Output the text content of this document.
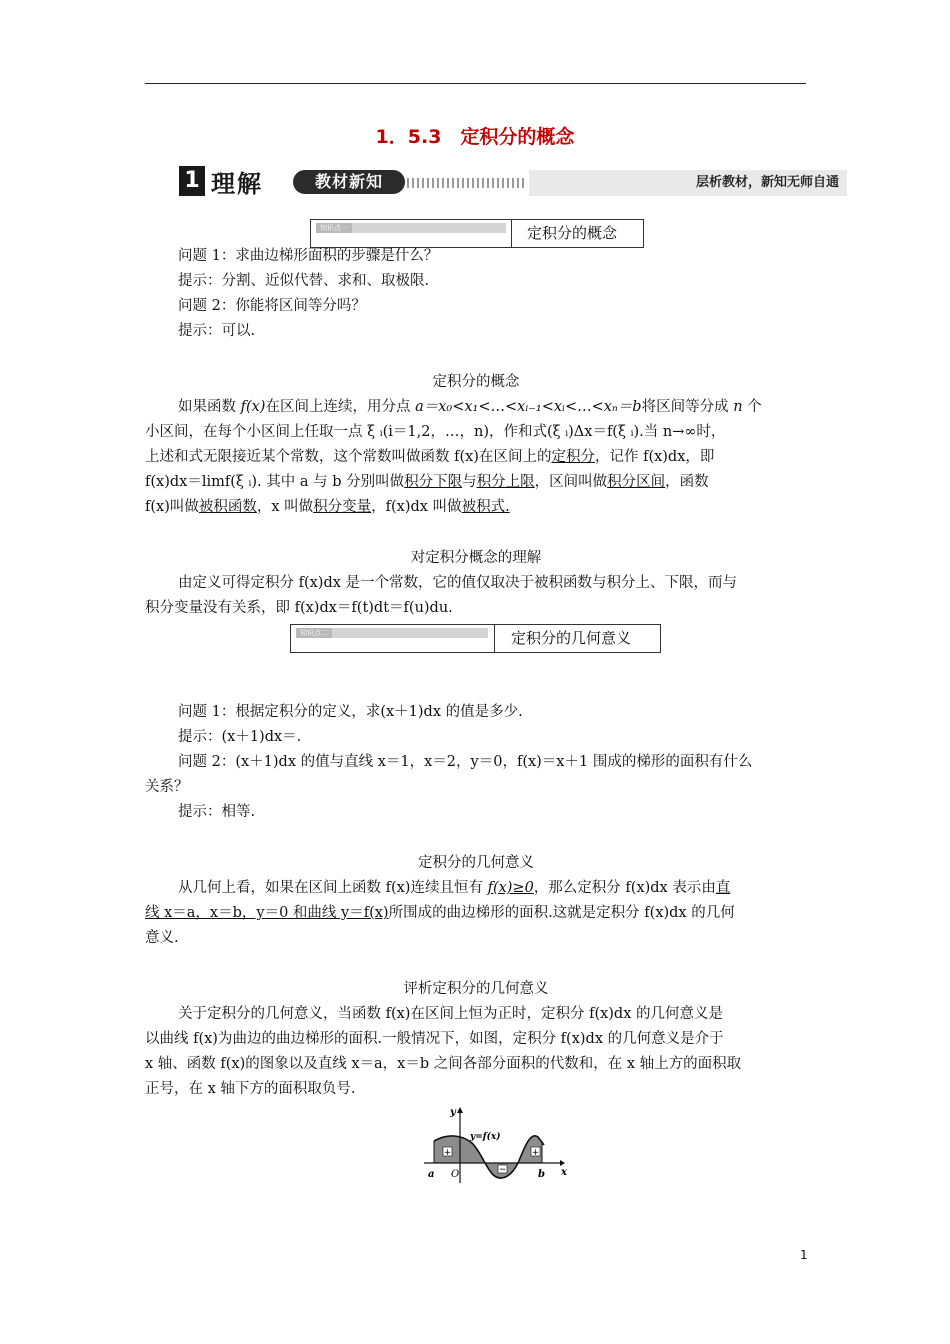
1．5.3　定积分的概念
1 理解	教材新知	层析教材，新知无师自通
知识点一	定积分的概念
问题 1：求曲边梯形面积的步骤是什么？
提示：分割、近似代替、求和、取极限.
问题 2：你能将区间等分吗？
提示：可以.
定积分的概念
如果函数 f(x)在区间上连续，用分点 a＝x₀<x₁<…<xᵢ₋₁<xᵢ<…<xₙ＝b将区间等分成 n 个
小区间，在每个小区间上任取一点 ξ ᵢ(i＝1,2，…，n)，作和式(ξ ᵢ)Δx＝f(ξ ᵢ).当 n→∞时，
上述和式无限接近某个常数，这个常数叫做函数 f(x)在区间上的定积分，记作 f(x)dx，即
f(x)dx＝limf(ξ ᵢ). 其中 a 与 b 分别叫做积分下限与积分上限，区间叫做积分区间，函数
f(x)叫做被积函数，x 叫做积分变量，f(x)dx 叫做被积式.
对定积分概念的理解
由定义可得定积分 f(x)dx 是一个常数，它的值仅取决于被积函数与积分上、下限，而与
积分变量没有关系，即 f(x)dx＝f(t)dt＝f(u)du.
知识点二	定积分的几何意义
问题 1：根据定积分的定义，求(x＋1)dx 的值是多少.
提示：(x＋1)dx＝.
问题 2：(x＋1)dx 的值与直线 x＝1，x＝2，y＝0，f(x)＝x＋1 围成的梯形的面积有什么
关系？
提示：相等.
定积分的几何意义
从几何上看，如果在区间上函数 f(x)连续且恒有 f(x)≥0，那么定积分 f(x)dx 表示由直
线 x＝a，x＝b，y＝0 和曲线 y＝f(x)所围成的曲边梯形的面积.这就是定积分 f(x)dx 的几何
意义.
评析定积分的几何意义
关于定积分的几何意义，当函数 f(x)在区间上恒为正时，定积分 f(x)dx 的几何意义是
以曲线 f(x)为曲边的曲边梯形的面积.一般情况下，如图，定积分 f(x)dx 的几何意义是介于
x 轴、函数 f(x)的图象以及直线 x＝a，x＝b 之间各部分面积的代数和，在 x 轴上方的面积取
正号，在 x 轴下方的面积取负号.
+
−
+
y
x
y=f(x)
a O	b
1
